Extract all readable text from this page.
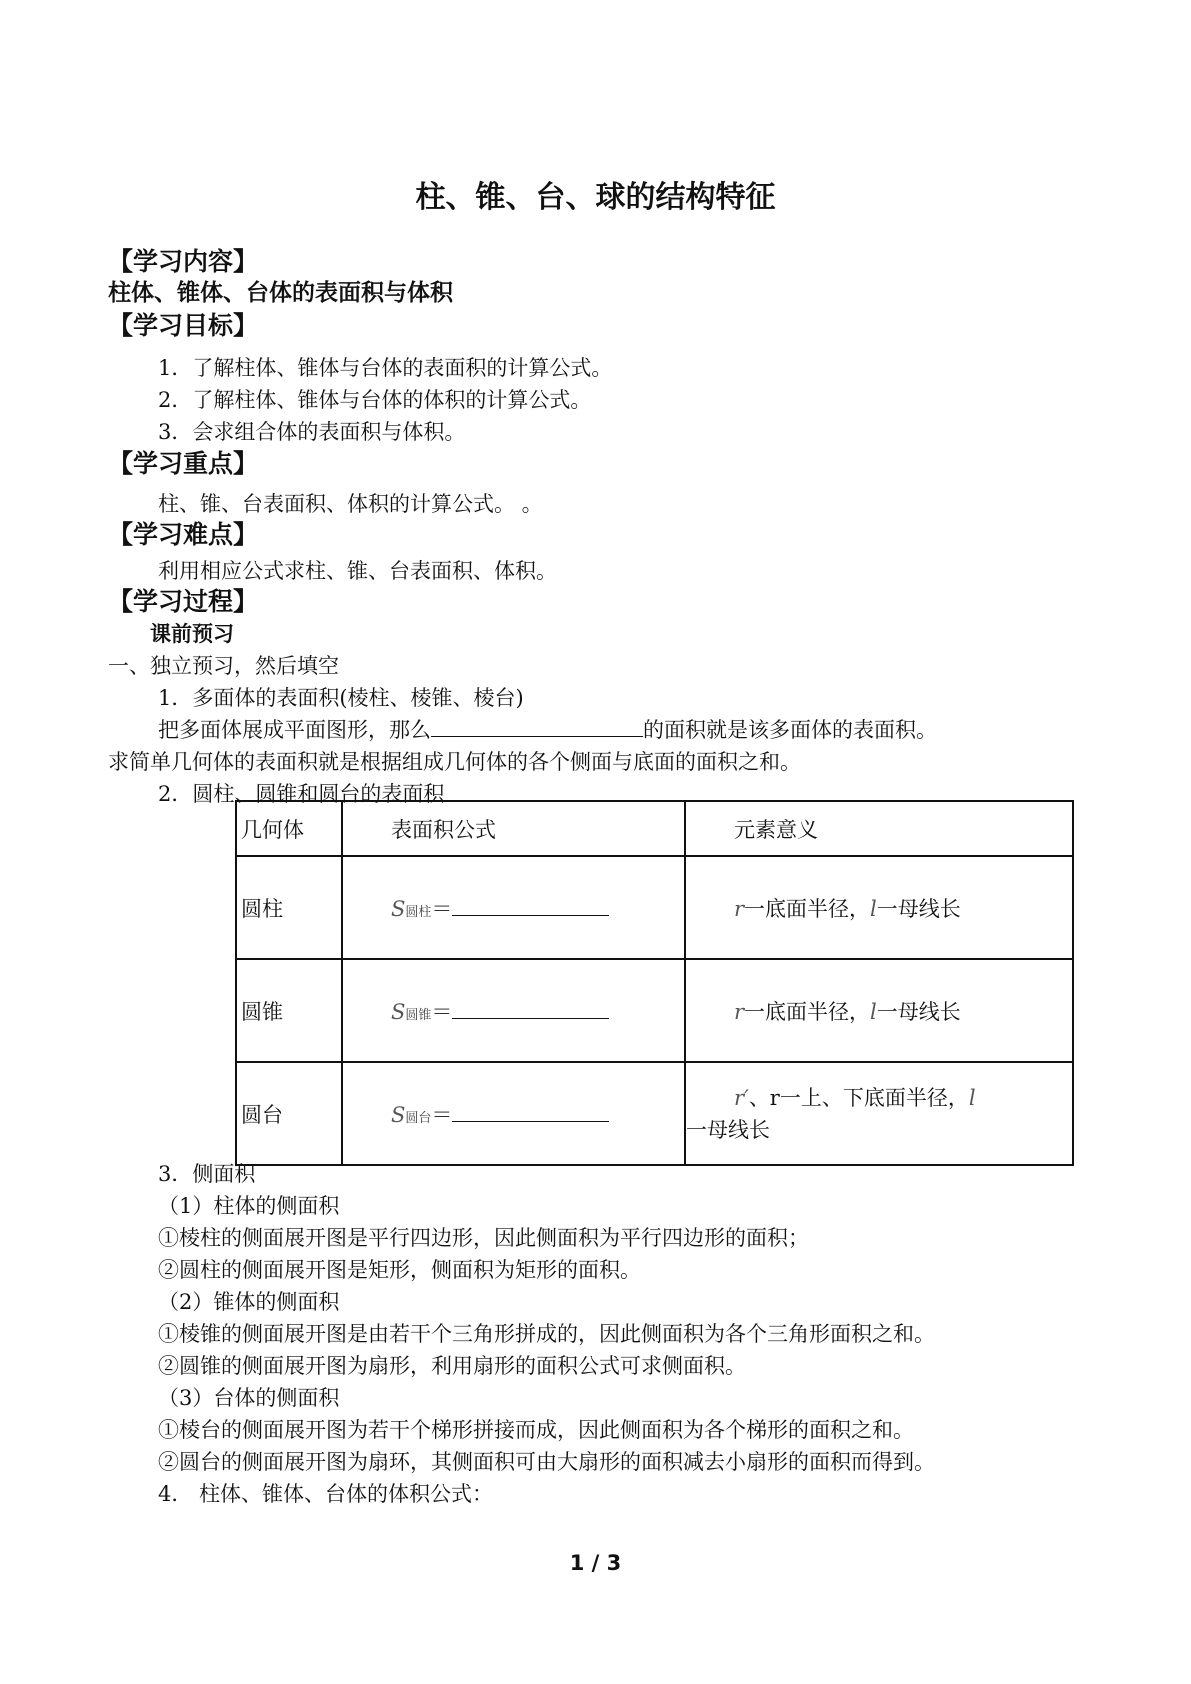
柱、锥、台、球的结构特征
【学习内容】
柱体、锥体、台体的表面积与体积
【学习目标】
1．了解柱体、锥体与台体的表面积的计算公式。
2．了解柱体、锥体与台体的体积的计算公式。
3．会求组合体的表面积与体积。
【学习重点】
柱、锥、台表面积、体积的计算公式。 。
【学习难点】
利用相应公式求柱、锥、台表面积、体积。
【学习过程】
课前预习
一、独立预习，然后填空
1．多面体的表面积(棱柱、棱锥、棱台)
把多面体展成平面图形，那么	的面积就是该多面体的表面积。
求简单几何体的表面积就是根据组成几何体的各个侧面与底面的面积之和。
2．圆柱、圆锥和圆台的表面积
几何体	表面积公式	元素意义
圆柱	S圆柱＝	r一底面半径，l一母线长
圆锥	S圆锥＝	r一底面半径，l一母线长
圆台	S圆台＝	r′、r一上、下底面半径，l
一母线长
3．侧面积
（1）柱体的侧面积
①棱柱的侧面展开图是平行四边形，因此侧面积为平行四边形的面积；
②圆柱的侧面展开图是矩形，侧面积为矩形的面积。
（2）锥体的侧面积
①棱锥的侧面展开图是由若干个三角形拼成的，因此侧面积为各个三角形面积之和。
②圆锥的侧面展开图为扇形，利用扇形的面积公式可求侧面积。
（3）台体的侧面积
①棱台的侧面展开图为若干个梯形拼接而成，因此侧面积为各个梯形的面积之和。
②圆台的侧面展开图为扇环，其侧面积可由大扇形的面积减去小扇形的面积而得到。
4． 柱体、锥体、台体的体积公式：
1 / 3
